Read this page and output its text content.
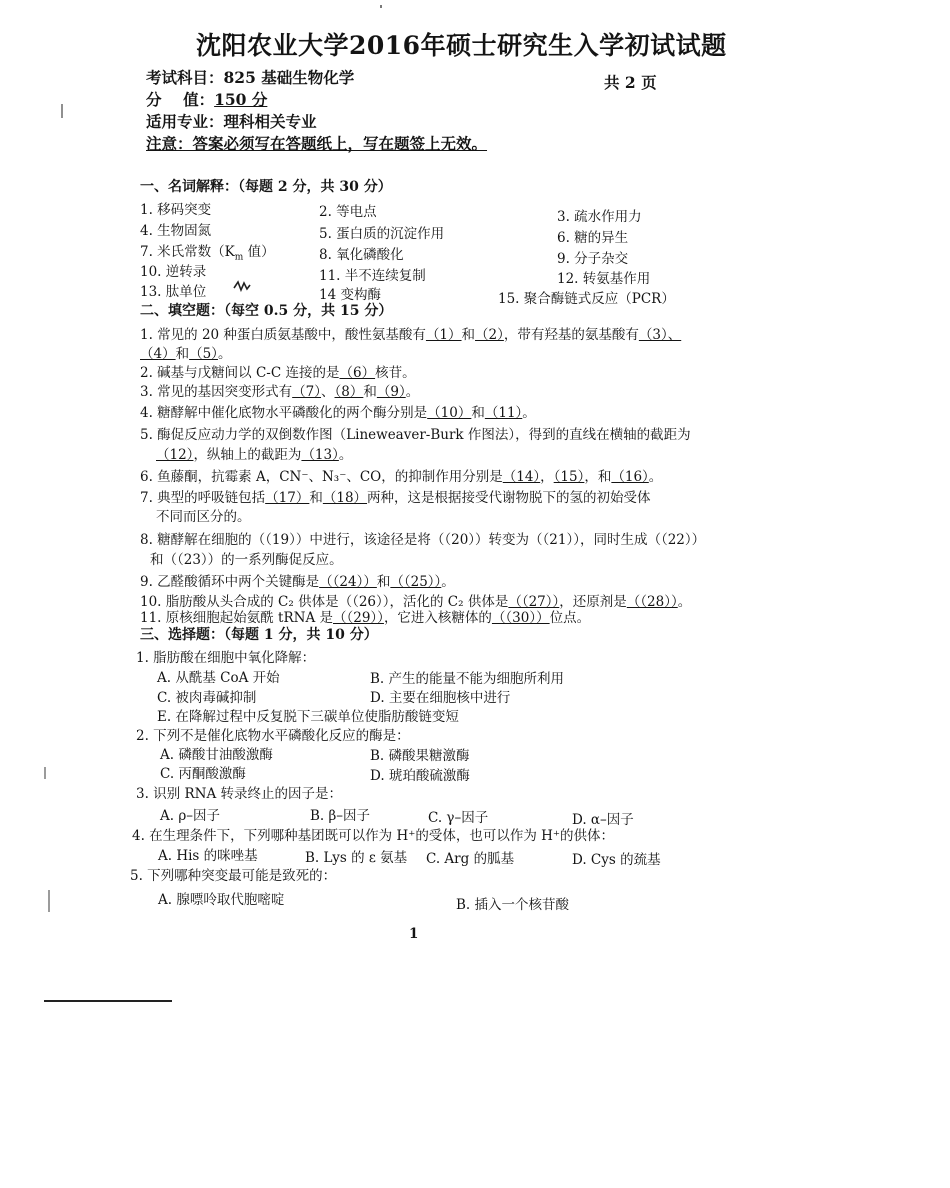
沈阳农业大学2016年硕士研究生入学初试试题
考试科目：825 基础生物化学	共 2 页
分    值：150 分
适用专业：理科相关专业
注意：答案必须写在答题纸上，写在题签上无效。
一、名词解释：（每题 2 分，共 30 分）
1. 移码突变	2. 等电点	3. 疏水作用力
4. 生物固氮	5. 蛋白质的沉淀作用	6. 糖的异生
7. 米氏常数（$K_m$ 值）	8. 氧化磷酸化	9. 分子杂交
10. 逆转录	11. 半不连续复制	12. 转氨基作用
13. 肽单位	14 变构酶	15. 聚合酶链式反应（PCR）
二、填空题：（每空 0.5 分，共 15 分）
1. 常见的 20 种蛋白质氨基酸中，酸性氨基酸有（1）和（2），带有羟基的氨基酸有（3）、
（4）和（5）。
2. 碱基与戊糖间以 C-C 连接的是（6）核苷。
3. 常见的基因突变形式有（7）、（8）和（9）。
4. 糖酵解中催化底物水平磷酸化的两个酶分别是（10）和（11）。
5. 酶促反应动力学的双倒数作图（Lineweaver-Burk 作图法），得到的直线在横轴的截距为
（12），纵轴上的截距为（13）。
6. 鱼藤酮，抗霉素 A，CN⁻、N₃⁻、CO，的抑制作用分别是（14），（15），和（16）。
7. 典型的呼吸链包括（17）和（18）两种，这是根据接受代谢物脱下的氢的初始受体
不同而区分的。
8. 糖酵解在细胞的（（19））中进行，该途径是将（（20））转变为（（21）），同时生成（（22））
和（（23））的一系列酶促反应。
9. 乙醛酸循环中两个关键酶是（（24））和（（25））。
10. 脂肪酸从头合成的 C₂ 供体是（（26）），活化的 C₂ 供体是（（27）），还原剂是（（28））。
11. 原核细胞起始氨酰 tRNA 是（（29）），它进入核糖体的（（30））位点。
三、选择题：（每题 1 分，共 10 分）
1. 脂肪酸在细胞中氧化降解：
A. 从酰基 CoA 开始	B. 产生的能量不能为细胞所利用
C. 被肉毒碱抑制	D. 主要在细胞核中进行
E. 在降解过程中反复脱下三碳单位使脂肪酸链变短
2. 下列不是催化底物水平磷酸化反应的酶是：
A. 磷酸甘油酸激酶	B. 磷酸果糖激酶
C. 丙酮酸激酶	D. 琥珀酸硫激酶
3. 识别 RNA 转录终止的因子是：
A. ρ–因子	B. β–因子	C. γ–因子	D. α–因子
4. 在生理条件下，下列哪种基团既可以作为 H⁺的受体，也可以作为 H⁺的供体：
A. His 的咪唑基	B. Lys 的 ε 氨基 C. Arg 的胍基	D. Cys 的巯基
5. 下列哪种突变最可能是致死的：
A. 腺嘌呤取代胞嘧啶	B. 插入一个核苷酸
1
